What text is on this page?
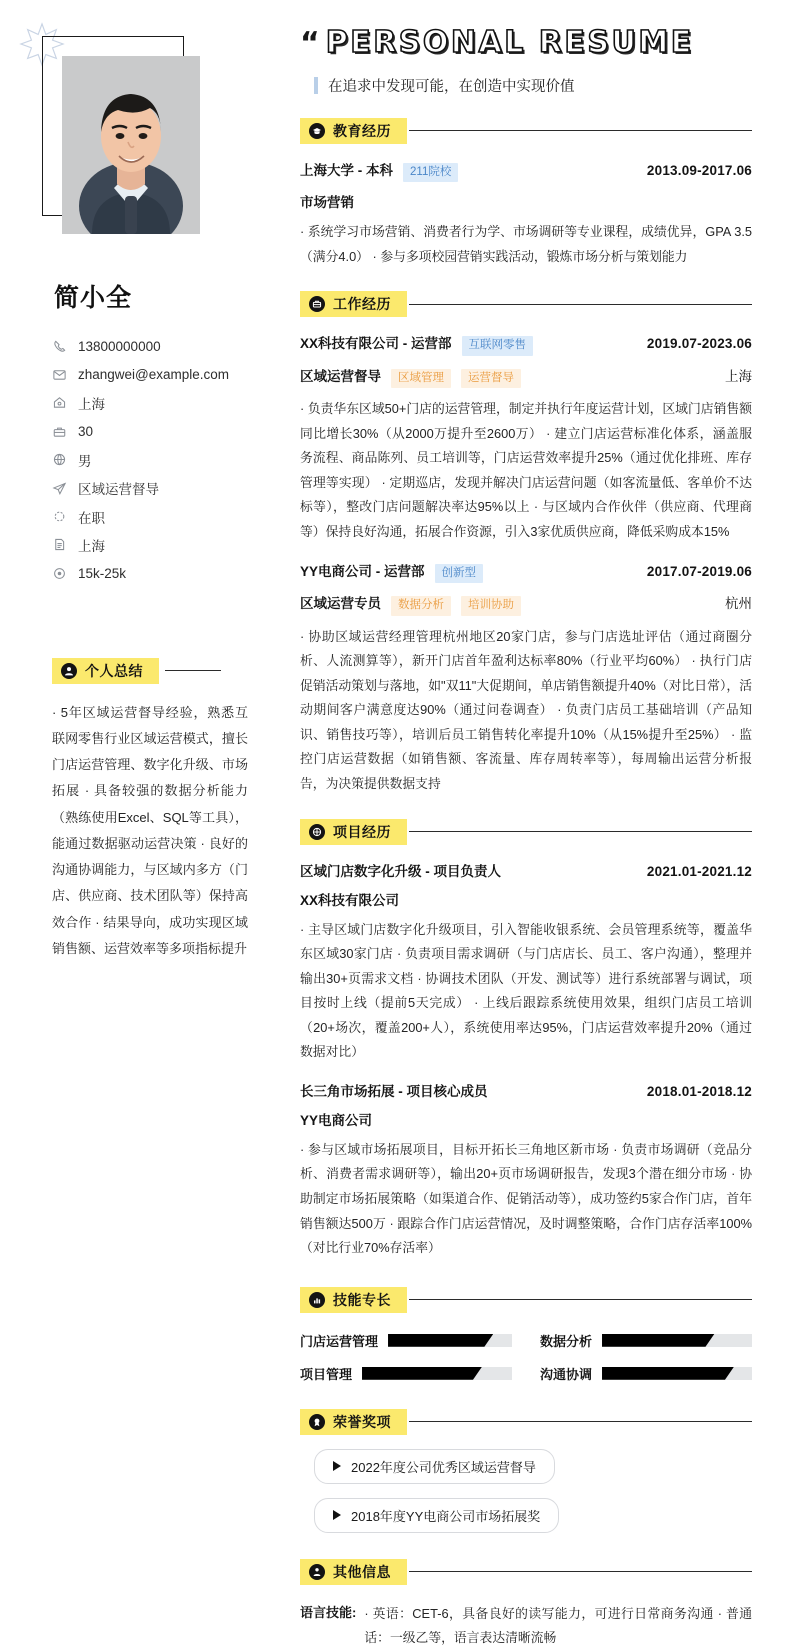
简小全
13800000000
zhangwei@example.com
上海
30
男
区域运营督导
在职
上海
15k-25k
个人总结

· 5年区域运营督导经验，熟悉互联网零售行业区域运营模式，擅长门店运营管理、数字化升级、市场拓展 · 具备较强的数据分析能力（熟练使用Excel、SQL等工具），能通过数据驱动运营决策 · 良好的沟通协调能力，与区域内多方（门店、供应商、技术团队等）保持高效合作 · 结果导向，成功实现区域销售额、运营效率等多项指标提升

“ PERSONAL RESUME
在追求中发现可能，在创造中实现价值
教育经历
上海大学 - 本科	211院校	2013.09-2017.06
市场营销

· 系统学习市场营销、消费者行为学、市场调研等专业课程，成绩优异，GPA 3.5（满分4.0） · 参与多项校园营销实践活动，锻炼市场分析与策划能力

工作经历
XX科技有限公司 - 运营部	互联网零售	2019.07-2023.06
区域运营督导	区域管理	运营督导	上海

· 负责华东区域50+门店的运营管理，制定并执行年度运营计划，区域门店销售额同比增长30%（从2000万提升至2600万） · 建立门店运营标准化体系，涵盖服务流程、商品陈列、员工培训等，门店运营效率提升25%（通过优化排班、库存管理等实现） · 定期巡店，发现并解决门店运营问题（如客流量低、客单价不达标等），整改门店问题解决率达95%以上 · 与区域内合作伙伴（供应商、代理商等）保持良好沟通，拓展合作资源，引入3家优质供应商，降低采购成本15%

YY电商公司 - 运营部	创新型	2017.07-2019.06
区域运营专员	数据分析	培训协助	杭州

· 协助区域运营经理管理杭州地区20家门店，参与门店选址评估（通过商圈分析、人流测算等），新开门店首年盈利达标率80%（行业平均60%） · 执行门店促销活动策划与落地，如"双11"大促期间，单店销售额提升40%（对比日常），活动期间客户满意度达90%（通过问卷调查） · 负责门店员工基础培训（产品知识、销售技巧等），培训后员工销售转化率提升10%（从15%提升至25%） · 监控门店运营数据（如销售额、客流量、库存周转率等），每周输出运营分析报告，为决策提供数据支持

项目经历
区域门店数字化升级 - 项目负责人	2021.01-2021.12
XX科技有限公司

· 主导区域门店数字化升级项目，引入智能收银系统、会员管理系统等，覆盖华东区域30家门店 · 负责项目需求调研（与门店店长、员工、客户沟通），整理并输出30+页需求文档 · 协调技术团队（开发、测试等）进行系统部署与调试，项目按时上线（提前5天完成） · 上线后跟踪系统使用效果，组织门店员工培训（20+场次，覆盖200+人），系统使用率达95%，门店运营效率提升20%（通过数据对比）

长三角市场拓展 - 项目核心成员	2018.01-2018.12
YY电商公司

· 参与区域市场拓展项目，目标开拓长三角地区新市场 · 负责市场调研（竞品分析、消费者需求调研等），输出20+页市场调研报告，发现3个潜在细分市场 · 协助制定市场拓展策略（如渠道合作、促销活动等），成功签约5家合作门店，首年销售额达500万 · 跟踪合作门店运营情况，及时调整策略，合作门店存活率100%（对比行业70%存活率）

技能专长
门店运营管理	数据分析
项目管理	沟通协调
荣誉奖项
2022年度公司优秀区域运营督导
2018年度YY电商公司市场拓展奖
其他信息
语言技能: · 英语：CET-6，具备良好的读写能力，可进行日常商务沟通 · 普通话：一级乙等，语言表达清晰流畅
